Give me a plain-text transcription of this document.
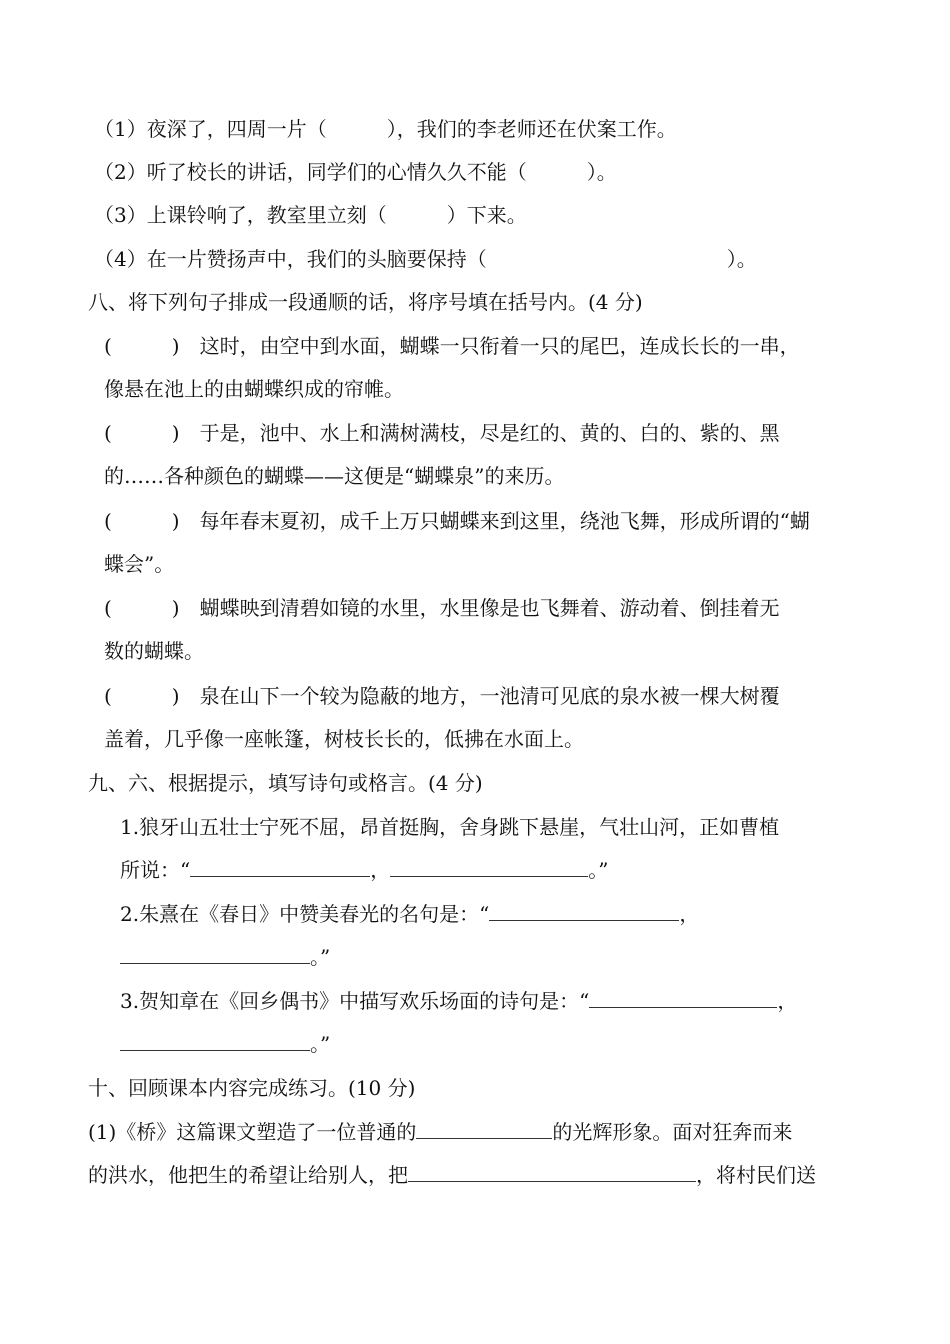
（1）夜深了，四周一片（　　　），我们的李老师还在伏案工作。
（2）听了校长的讲话，同学们的心情久久不能（　　　）。
（3）上课铃响了，教室里立刻（　　　）下来。
（4）在一片赞扬声中，我们的头脑要保持（　　　　　　　　　　　　）。
八、将下列句子排成一段通顺的话，将序号填在括号内。(4 分)
(　　　)　这时，由空中到水面，蝴蝶一只衔着一只的尾巴，连成长长的一串，
像悬在池上的由蝴蝶织成的帘帷。
(　　　)　于是，池中、水上和满树满枝，尽是红的、黄的、白的、紫的、黑
的……各种颜色的蝴蝶——这便是“蝴蝶泉”的来历。
(　　　)　每年春末夏初，成千上万只蝴蝶来到这里，绕池飞舞，形成所谓的“蝴
蝶会”。
(　　　)　蝴蝶映到清碧如镜的水里，水里像是也飞舞着、游动着、倒挂着无
数的蝴蝶。
(　　　)　泉在山下一个较为隐蔽的地方，一池清可见底的泉水被一棵大树覆
盖着，几乎像一座帐篷，树枝长长的，低拂在水面上。
九、六、根据提示，填写诗句或格言。(4 分)
1.狼牙山五壮士宁死不屈，昂首挺胸，舍身跳下悬崖，气壮山河，正如曹植
所说：“	，	。”
2.朱熹在《春日》中赞美春光的名句是：“	，
。”
3.贺知章在《回乡偶书》中描写欢乐场面的诗句是：“	，
。”
十、回顾课本内容完成练习。(10 分)
(1)《桥》这篇课文塑造了一位普通的	的光辉形象。面对狂奔而来
的洪水，他把生的希望让给别人，把	，将村民们送
